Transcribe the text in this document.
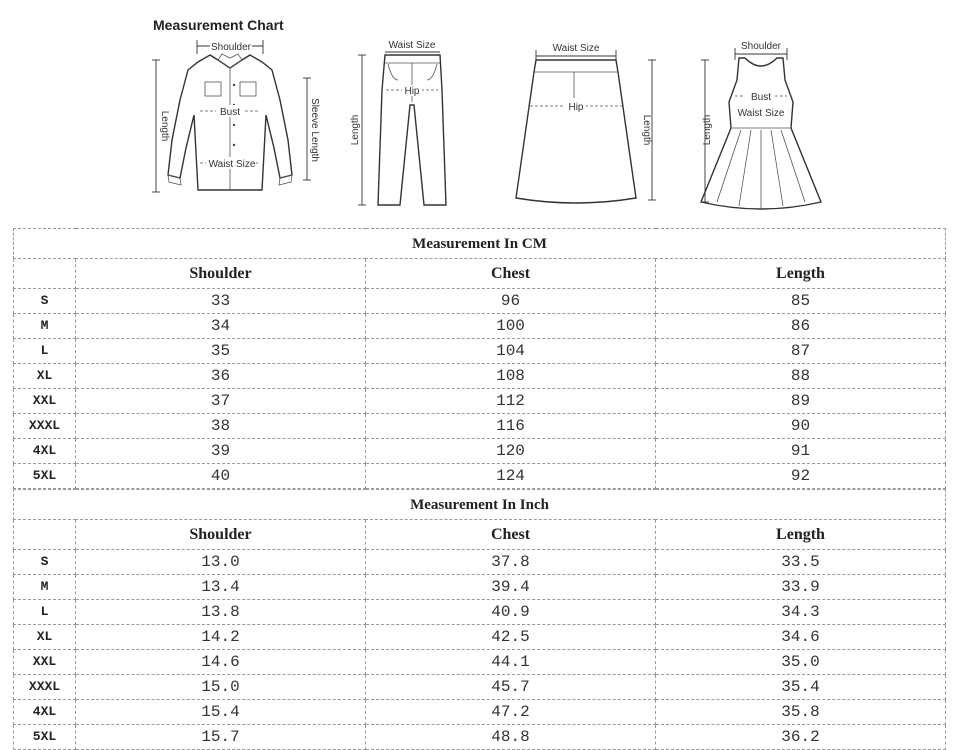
Measurement Chart
Shoulder
Length	Bust
Waist Size
Sleeve Length
Waist Size
Hip
Length
Waist Size
Hip
Length
Shoulder
Bust
Waist Size
Length
Measurement In CM			
	Shoulder	Chest	Length
S	33	96	85
M	34	100	86
L	35	104	87
XL	36	108	88
XXL	37	112	89
XXXL	38	116	90
4XL	39	120	91
5XL	40	124	92
Measurement In Inch			
	Shoulder	Chest	Length
S	13.0	37.8	33.5
M	13.4	39.4	33.9
L	13.8	40.9	34.3
XL	14.2	42.5	34.6
XXL	14.6	44.1	35.0
XXXL	15.0	45.7	35.4
4XL	15.4	47.2	35.8
5XL	15.7	48.8	36.2
